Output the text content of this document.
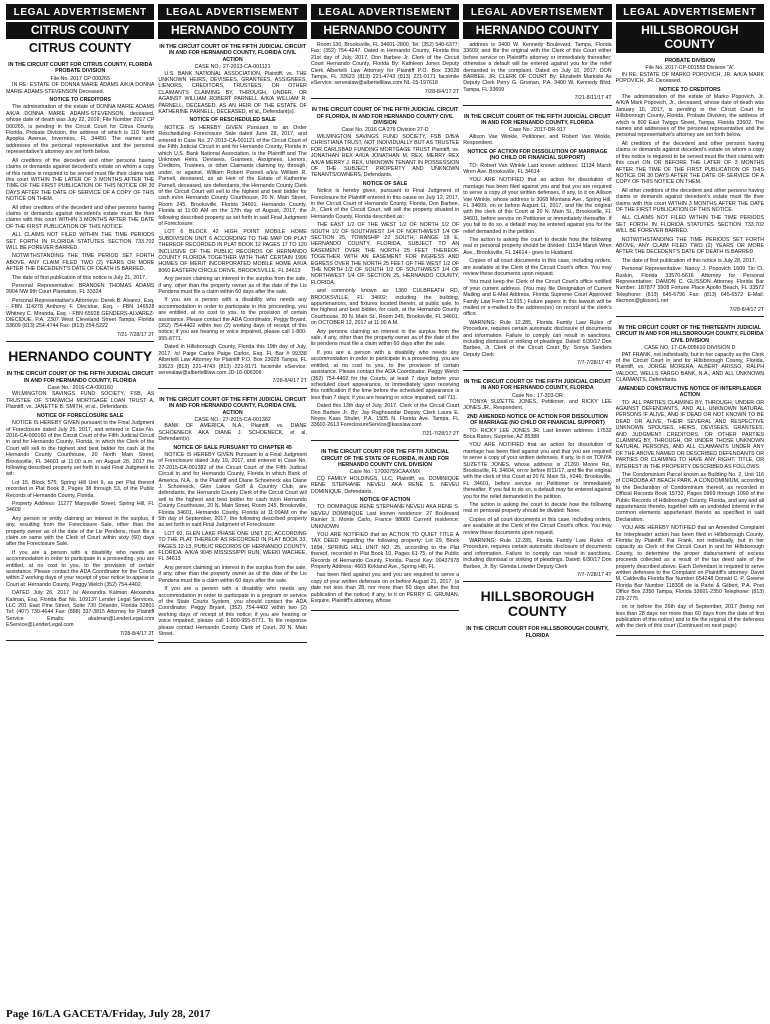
LEGAL ADVERTISEMENT
CITRUS COUNTY
CITRUS COUNTY
IN THE CIRCUIT COURT FOR CITRUS COUNTY, FLORIDA PROBATE DIVISION
File No. 2017 CP 000265

IN RE: ESTATE OF DONNA MARIE ADAMS A/K/A DONNA MARIE ADAMS-STEVENSON Deceased.

NOTICE TO CREDITORS

The administration of the estate of DONNA MARIE ADAMS A/K/A DONNA MARIE ADAMS-STEVENSON, deceased, whose date of death was July 22, 2016; File Number 2017 CP 000265, is pending in the Circuit Court for Citrus County, Florida, Probate Division, the address of which is 110 North Apopka Avenue, Inverness, FL 34450. The names and addresses of the personal representative and the personal representative's attorney are set forth below.

All creditors of the decedent and other persons having claims or demands against decedent's estate on whom a copy of this notice is required to be served must file their claims with this court WITHIN THE LATER OF 3 MONTHS AFTER THE TIME OF THE FIRST PUBLICATION OF THIS NOTICE OR 30 DAYS AFTER THE DATE OF SERVICE OF A COPY OF THIS NOTICE ON THEM.

All other creditors of the decedent and other persons having claims or demands against decedent's estate must file their claims with this court WITHIN 3 MONTHS AFTER THE DATE OF THE FIRST PUBLICATION OF THIS NOTICE.

ALL CLAIMS NOT FILED WITHIN THE TIME PERIODS SET FORTH IN FLORIDA STATUTES SECTION 733.702 WILL BE FOREVER BARRED.

NOTWITHSTANDING THE TIME PERIOD SET FORTH ABOVE, ANY CLAIM FILED TWO (2) YEARS OR MORE AFTER THE DECEDENT'S DATE OF DEATH IS BARRED.

The date of first publication of this notice is July 21, 2017.

Personal Representative: BRANDEN THOMAS ADAMS 9904 NW 9th Court Plantation, FL 33324

Personal Representative's Attorneys: Derek B. Alvarez, Esq. - FBN 114278 Anthony F. Diecidue, Esq. - FBN 146528 Whitney C. Miranda, Esq. - FBN 65928 GENDERS-ALVAREZ-DIECIDUE, P.A. 2307 West Cleveland Street Tampa, Florida 33609 (813) 254-4744 Fax: (813) 254-5222

7/21-7/28/17 2T
HERNANDO COUNTY
IN THE CIRCUIT COURT OF THE FIFTH JUDICIAL CIRCUIT IN AND FOR HERNANDO COUNTY, FLORIDA
Case No.: 2016-CA-000160

WILMINGTON SAVINGS FUND SOCIETY, FSB, AS TRUSTEE OF STANWICH MORTGAGE LOAN TRUST A, Plaintiff, vs. JANETTE B. SMITH, et al., Defendants.

NOTICE OF FORECLOSURE SALE

NOTICE IS HEREBY GIVEN pursuant to the Final Judgment of Foreclosure dated July 25, 2017, and entered in Case No. 2016-CA-000160 of the Circuit Court of the Fifth Judicial Circuit in and for Hernando County, Florida, in which the Clerk of the Court will sell to the highest and best bidder for cash at the Hernando County Courthouse, 20 North Main Street, Brooksville, FL 34601 at 11:00 a.m. on August 28, 2017 the following described property set forth in said Final Judgment to wit:

Lot 15, Block 575, Spring Hill Unit 9, as per Plat thereof recorded in Plat Book 8, Pages 38 through 53, of the Public Records of Hernando County, Florida.

Property Address: 11277 Marysville Street, Spring Hill, FL 34609

Any person or entity claiming an interest in the surplus, if any, resulting from the Foreclosure Sale, other than the property owner as of the date of the Lis Pendens, must file a claim on same with the Clerk of Court within sixty (60) days after the Foreclosure Sale.

If you are a person with a disability who needs an accommodation in order to participate in a proceeding, you are entitled, at no cost to you, to the provision of certain assistance. Please contact the ADA Coordinator for the Courts within 2 working days of your receipt of your notice to appear in Court at: Hernando County, Peggy Welch (352) 754-4402.

DATED July 26, 2017 /s/ Alexandra Kalman Alexandra Kalman, Esq. Florida Bar No. 109137 Lender Legal Services, LLC 201 East Pine Street, Suite 730 Orlando, Florida 32801 Tel: (407) 730-4644 Fax: (888) 337-3815 Attorney for Plaintiff Service Emails: akalman@LenderLegal.com EService@LenderLegal.com

7/28-8/4/17 2T
LEGAL ADVERTISEMENT
HERNANDO COUNTY
IN THE CIRCUIT COURT OF THE FIFTH JUDICIAL CIRCUIT IN AND FOR HERNANDO COUNTY, FLORIDA CIVIL ACTION
CASE NO.: 27-2013-CA-001121

U.S. BANK NATIONAL ASSOCIATION, Plaintiff, vs. THE UNKNOWN HEIRS, DEVISEES, GRANTEES, ASSIGNEES, LIENORS, CREDITORS, TRUSTEES, OR OTHER CLAIMANTS CLAIMING BY, THROUGH, UNDER, OR AGAINST WILLIAM ROBERT PARNELL A/K/A WILLIAM R. PARNELL, DECEASED, AS AN HEIR OF THE ESTATE OF KATHERINE PARNELL, DECEASED, et al., Defendant(s).

NOTICE OF RESCHEDULED SALE

NOTICE IS HEREBY GIVEN Pursuant to an Order Rescheduling Foreclosure Sale dated June 28, 2017, and entered in Case No. 27-2013-CA-001121 of the Circuit Court of the Fifth Judicial Circuit in and for Hernando County, Florida in which U.S. Bank National Association, is the Plaintiff and The Unknown Heirs, Devisees, Grantees, Assignees, Lienors, Creditors, Trustees, or other Claimants claiming by, through, under, or against, William Robert Parnell a/k/a William R. Parnell, deceased, as an Heir of the Estate of Katherine Parnell, deceased, are defendants, the Hernando County Clerk of the Circuit Court will sell to the highest and best bidder for cash in/on Hernando County Courthouse, 20 N. Main Street, Room 245, Brooksville, Florida 34601, Hernando County, Florida at 11:00 AM on the 17th day of August, 2017, the following described property as set forth in said Final Judgment of Foreclosure:

LOT 6 BLOCK 42 HIGH POINT MOBILE HOME SUBDIVISION UNIT 6 ACCORDING TO THE MAP OR PLAT THEREOF RECORDED IN PLAT BOOK 12 PAGES 17 TO 120 INCLUSIVE OF THE PUBLIC RECORDS OF HERNANDO COUNTY FLORIDA TOGETHER WITH THAT CERTAIN 1996 HOMES OF MERIT INCORPORATED MOBILE HOME A/K/A 8060 EASTERN CIRCLE DRIVE, BROOKSVILLE, FL 34613

Any person claiming an interest in the surplus from the sale, if any, other than the property owner as of the date of the Lis Pendens must file a claim within 60 days after the sale.

If you are a person with a disability who needs any accommodation in order to participate in this proceeding, you are entitled, at no cost to you, to the provision of certain assistance. Please contact the ADA Coordinator, Peggy Bryant, (352) 754-4402 within two (2) working days of receipt of this notice; if you are hearing or voice impaired, please call 1-800-955-8771.

Dated in Hillsborough County, Florida this 19th day of July, 2017. /s/ Paige Carlos Paige Carlos, Esq. FL Bar # 99338 Albertelli Law Attorney for Plaintiff P.O. Box 23028 Tampa, FL 33623 (813) 221-4743 (813) 221-9171 facsimile eService: servealaw@albertellilaw.com JD-16-006306

7/28-8/4/17 2T
IN THE CIRCUIT COURT OF THE FIFTH JUDICIAL CIRCUIT IN AND FOR HERNANDO COUNTY, FLORIDA CIVIL ACTION
CASE NO.: 27-2015-CA-001382

BANK OF AMERICA, N.A., Plaintiff, vs. DIANE SCHOENECK AKA DIANE J. SCHOENECK, et al, Defendant(s).

NOTICE OF SALE PURSUANT TO CHAPTER 45

NOTICE IS HEREBY GIVEN Pursuant to a Final Judgment of Foreclosure dated July 19, 2017, and entered in Case No. 27-2015-CA-001382 of the Circuit Court of the Fifth Judicial Circuit in and for Hernando County, Florida in which Bank of America, N.A., is the Plaintiff and Diane Schoeneck aka Diane J. Schoeneck, Glen Lakes Golf & Country Club, are defendants, the Hernando County Clerk of the Circuit Court will sell to the highest and best bidder for cash in/on Hernando County Courthouse, 20 N. Main Street, Room 245, Brooksville, Florida 34601, Hernando County, Florida at 11:00AM on the 5th day of September, 2017, the following described property as set forth in said Final Judgment of Foreclosure:

LOT 60, GLEN LAKE PHASE ONE UNIT 2C, ACCORDING TO THE PLAT THEREOF AS RECORDED IN PLAT BOOK 33, PAGES 12-13, PUBLIC RECORDS OF HERNANDO COUNTY, FLORIDA. A/K/A 9045 MISSISSIPPI RUN, WEEKI WACHEE, FL 34613

Any person claiming an interest in the surplus from the sale, if any, other than the property owner as of the date of the Lis Pendens must file a claim within 60 days after the sale.

If you are a person with a disability who needs any accommodation in order to participate in a program or service of the State Courts System, you should contact the ADA Coordinator, Peggy Bryant, (352) 754-4402 within two (2) working days of receipt of this notice; if you are hearing or voice impaired, please call 1-800-955-8771. To file response please contact Hernando County Clerk of Court, 20 N. Main Street.

LEGAL ADVERTISEMENT
HERNANDO COUNTY

Room 130, Brooksville, FL 34601-2800, Tel: (352) 540-6377; Fax: (352) 754-4247. Dated in Hernando County, Florida this 21st day of July, 2017. Don Barbee Jr. Clerk of the Circuit Court Hernando County, Florida By: Kathleen Jones Deputy Clerk Albertelli Law Attorney for Plaintiff P.O. Box 23028 Tampa, FL 33623 (813) 221-4743 (813) 221-9171 facsimile eService: servealaw@albertellilaw.com NL-15-197618

7/28-8/4/17 2T
IN THE CIRCUIT COURT OF THE FIFTH JUDICIAL CIRCUIT OF FLORIDA, IN AND FOR HERNANDO COUNTY CIVIL DIVISION
Case No. 2016 CA 279 Division 27-D

WILMINGTON SAVINGS FUND SOCIETY, FSB D/B/A CHRISTIANA TRUST, NOT INDIVIDUALLY BUT AS TRUSTEE FOR CARLSBAD FUNDING MORTGAGE TRUST Plaintiff, vs. JONATHAN REX A/K/A JONATHAN M. REX, MERRY REX A/K/A MERRY J. REX, UNKNOWN TENANT IN POSSESSION OF THE SUBJECT PROPERTY AND UNKNOWN TENANTS/OWNERS, Defendants.

NOTICE OF SALE

Notice is hereby given, pursuant to Final Judgment of Foreclosure for Plaintiff entered in this cause on July 12, 2017, in the Circuit Court of Hernando County, Florida, Don Barbee, Jr., Clerk of the Circuit Court, will sell the property situated in Hernando County, Florida described as:

THE EAST 1/2 OF THE WEST 1/2 OF NORTH 1/2 OF SOUTH 1/2 OF SOUTHWEST 1/4 OF NORTHWEST 1/4 OF SECTION 25, TOWNSHIP 22 SOUTH, RANGE 18 E, HERNANDO COUNTY, FLORIDA, SUBJECT TO AN EASEMENT OVER THE NORTH 25 FEET THEREOF. TOGETHER WITH AN EASEMENT FOR INGRESS AND EGRESS OVER THE NORTH 25 FEET OF THE WEST 1/2 OF THE NORTH 1/2 OF SOUTH 1/2 OF SOUTHWEST 1/4 OF NORTHWEST 1/4 OF SECTION 25, HERNANDO COUNTY, FLORIDA.

and commonly known as: 1360 CULBREATH RD, BROOKSVILLE, FL 34602; including the building, appurtenances, and fixtures located therein, at public sale, to the highest and best bidder, for cash, at the Hernando County Courthouse, 20 N. Main St., Room 245, Brooksville, FL 34601, on OCTOBER 12, 2017 at 11:00 A.M.

Any persons claiming an interest in the surplus from the sale, if any, other than the property owner as of the date of the lis pendens must file a claim within 60 days after the sale.

If you are a person with a disability who needs any accommodation in order to participate in a proceeding, you are entitled, at no cost to you, to the provision of certain assistance. Please contact the ADA Coordinator, Peggy Welch (352) 754-4402 for the Courts, at least 7 days before your scheduled court appearance, or immediately upon receiving this notification if the time before the scheduled appearance is less than 7 days; if you are hearing or voice impaired, call 711.

Dated this 13th day of July, 2017. Clerk of the Circuit Court Don Barbee Jr. By: Jay Raghnandar Deputy Clerk Laura E. Noyes Kass Shuler, P.A. 1505 N. Florida Ave. Tampa, FL 33602-2613 ForeclosureService@kasslaw.com

7/21-7/28/17 2T
IN THE CIRCUIT COURT FOR THE FIFTH JUDICIAL CIRCUIT OF THE STATE OF FLORIDA, IN AND FOR HERNANDO COUNTY CIVIL DIVISION
Case No.: 17000759CAAXMX

CQ FAMILY HOLDINGS, LLC, Plaintiff, vs. DOMINIQUE RENE STEPHANE NEVEU AKA RENE S. NEVEU DOMINIQUE, Defendants.

NOTICE OF ACTION

TO: DOMINIQUE RENE STEPHANE NEVEU AKA RENE S. NEVEU DOMINIQUE Last known residence: 27 Boulevard Rainier 3, Monte Carlo, France 98000 Current residence: UNKNOWN

YOU ARE NOTIFIED that an ACTION TO QUIET TITLE A TAX DEED regarding the following property: Lot 29, Block 1894, SPRING HILL UNIT NO. 25, according to the Plat thereof, recorded in Plat Book 10, Pages 61-75, of the Public Records of Hernando County, Florida. Parcel Key: 00437978 Property Address: 4603 Kirkland Ave., Spring Hill, FL

has been filed against you and you are required to serve a copy of your written defenses on or before August 21, 2017, (a date not less than 28, nor more than 60 days after the first publication of the notice) if any, to it on PERRY G. GRUMAN, Esquire, Plaintiff's attorney, whose

LEGAL ADVERTISEMENT
HERNANDO COUNTY

address is 3400 W. Kennedy Boulevard, Tampa, Florida 33609; and file the original with the Clerk of this Court either before service on Plaintiff's attorney or immediately thereafter; otherwise a default will be entered against you for the relief demanded in the complaint. Dated on July 10, 2017. DON BARBEE, JR. CLERK OF COURT By: Elizabeth Markidis As Deputy Clerk Perry G. Gruman, P.A. 3400 W. Kennedy Blvd. Tampa, FL 33609

7/21-8/11/17 4T
IN THE CIRCUIT COURT OF THE FIFTH JUDICIAL CIRCUIT IN AND FOR HERNANDO COUNTY, FLORIDA
Case No.: 2017-DR-917

Allison Vae Winkle, Petitioner, and Robert Van Winkle, Respondent.

NOTICE OF ACTION FOR DISSOLUTION OF MARRIAGE (NO CHILD OR FINANCIAL SUPPORT)

TO: Robert Van Winkle Last known address: 11134 Marsh Wren Ave. Brooksville, FL 34614

YOU ARE NOTIFIED that an action for dissolution of marriage has been filed against you and that you are required to serve a copy of your written defenses, if any, to it on Allison Vae Winkle, whose address is 3068 Montana Ave., Spring Hill, FL 34609, on or before August 11, 2017, and file the original with the clerk of this Court at 20 N. Main St., Brooksville, FL 34601, before service on Petitioner or immediately thereafter. If you fail to do so, a default may be entered against you for the relief demanded in the petition.

The action is asking the court to decide how the following real or personal property should be divided: 11134 Marsh Wren Ave., Brooksville, FL 34614 - goes to Husband.

Copies of all court documents in this case, including orders, are available at the Clerk of the Circuit Court's office. You may review these documents upon request.

You must keep the Clerk of the Circuit Court's office notified of your current address. (You may file Designation of Current Mailing and E-Mail Address, Florida Supreme Court Approved Family Law Form 12.915.) Future papers in this lawsuit will be mailed or e-mailed to the address(es) on record at the clerk's office.

WARNING: Rule 12.285, Florida Family Law Rules of Procedure, requires certain automatic disclosure of documents and information. Failure to comply can result in sanctions, including dismissal or striking of pleadings. Dated: 6/30/17 Don Barbee, Jr. Clerk of the Circuit Court By: Sonya Sanders Deputy Clerk

7/7-7/28/17 4T
IN THE CIRCUIT COURT OF THE FIFTH JUDICIAL CIRCUIT IN AND FOR HERNANDO COUNTY, FLORIDA
Case No.: 17-303-DR

TONYA SUZETTE JONES, Petitioner, and RICKY LEE JONES JR., Respondent.

2ND AMENDED NOTICE OF ACTION FOR DISSOLUTION OF MARRIAGE (NO CHILD OR FINANCIAL SUPPORT)

TO: RICKY LEE JONES JR. Last known address: 17532 Boca Raton, Surprise, AZ 85388

YOU ARE NOTIFIED that an action for dissolution of marriage has been filed against you and that you are required to serve a copy of your written defenses, if any, to it on TONYA SUZETTE JONES, whose address is 21260 Moore Rd., Brooksville, FL 34604, on or before 8/11/17, and file the original with the clerk of this Court at 20 N. Main St., #246, Brooksville, FL 34601, before service on Petitioner or immediately thereafter. If you fail to do so, a default may be entered against you for the relief demanded in the petition.

The action is asking the court to decide how the following real or personal property should be divided: None.

Copies of all court documents in this case, including orders, are available at the Clerk of the Circuit Court's office. You may review these documents upon request.

WARNING: Rule 12.285, Florida Family Law Rules of Procedure, requires certain automatic disclosure of documents and information. Failure to comply can result in sanctions, including dismissal or striking of pleadings. Dated: 6/30/17 Don Barbee, Jr. By: Glenda Lowder Deputy Clerk

7/7-7/28/17 4T
HILLSBOROUGH COUNTY
IN THE CIRCUIT COURT FOR HILLSBOROUGH COUNTY, FLORIDA
LEGAL ADVERTISEMENT
HILLSBOROUGH COUNTY
PROBATE DIVISION
File No. 2017-CP-001559 Division "A"

IN RE: ESTATE OF MARKO POPOVICH, JR. A/K/A MARK POPOVICH, JR. Deceased.

NOTICE TO CREDITORS

The administration of the estate of Marko Popovich, Jr. A/K/A Mark Popovich, Jr., deceased, whose date of death was January 16, 2017, is pending in the Circuit Court for Hillsborough County, Florida, Probate Division, the address of which is 800 East Twiggs Street, Tampa, Florida 33602. The names and addresses of the personal representative and the personal representative's attorney are set forth below.

All creditors of the decedent and other persons having claims or demands against decedent's estate on whom a copy of this notice is required to be served must file their claims with this court ON OR BEFORE THE LATER OF 3 MONTHS AFTER THE TIME OF THE FIRST PUBLICATION OF THIS NOTICE OR 30 DAYS AFTER THE DATE OF SERVICE OF A COPY OF THIS NOTICE ON THEM.

All other creditors of the decedent and other persons having claims or demands against decedent's estate must file their claims with this court WITHIN 3 MONTHS AFTER THE DATE OF THE FIRST PUBLICATION OF THIS NOTICE.

ALL CLAIMS NOT FILED WITHIN THE TIME PERIODS SET FORTH IN FLORIDA STATUTES SECTION 733.702 WILL BE FOREVER BARRED.

NOTWITHSTANDING THE TIME PERIODS SET FORTH ABOVE, ANY CLAIM FILED TWO (2) YEARS OR MORE AFTER THE DECEDENT'S DATE OF DEATH IS BARRED.

The date of first publication of this notice is July 28, 2017.

Personal Representative: Nancy J. Popovich 1609 Tin Ct. Ruskin, Florida 33570-5616 Attorney for Personal Representative: DAMON C. GLISSON Attorney Florida Bar Number: 187877 5908 Fortune Place Apollo Beach, FL 33572 Telephone: (813) 645-6796 Fax: (813) 645-6572 E-Mail: dacmon@glisson1.net

7/28-8/4/17 2T
IN THE CIRCUIT COURT OF THE THIRTEENTH JUDICIAL CIRCUIT IN AND FOR HILLSBOROUGH COUNTY, FLORIDA CIVIL DIVISION
CASE NO. 17-CA-005610 DIVISION D

PAT FRANK, not individually, but in her capacity as the Clerk of the Circuit Court in and for Hillsborough County, Florida, Plaintiff, vs. JORGE MORERA, ALBERT ARISSO, RALPH VALDOC, WELLS FARGO BANK, N.A., AND ALL UNKNOWN CLAIMANTS, Defendants.

AMENDED CONSTRUCTIVE NOTICE OF INTERPLEADER ACTION

TO: ALL PARTIES CLAIMING BY, THROUGH, UNDER OR AGAINST DEFENDANTS, AND ALL UNKNOWN NATURAL PERSONS IF ALIVE, AND IF DEAD OR NOT KNOWN TO BE DEAD OR ALIVE, THEIR SEVERAL AND RESPECTIVE UNKNOWN SPOUSES, HEIRS, DEVISEES, GRANTEES, AND JUDGMENT CREDITORS, OR OTHER PARTIES CLAIMING BY, THROUGH, OR UNDER THOSE UNKNOWN NATURAL PERSONS, AND ALL CLAIMANTS UNDER ANY OF THE ABOVE NAMED OR DESCRIBED DEFENDANTS OR PARTIES OR CLAIMING TO HAVE ANY RIGHT, TITLE, OR INTEREST IN THE PROPERTY DESCRIBED AS FOLLOWS:

The Condominium Parcel known as Building No. 2, Unit 116 of CORDOBA AT BEACH PARK, A CONDOMINIUM, according to the Declaration of Condominium thereof, as recorded in Official Records Book 15732, Pages 0969 through 1099 of the Public Records of Hillsborough County, Florida, and any and all appurtenants thereto, together with an undivided interest in the common elements appurtenant thereto as specified in said Declaration.

YOU ARE HEREBY NOTIFIED that an Amended Complaint for Interpleader action has been filed in Hillsborough County, Florida by Plaintiff, Pat Frank, not individually, but in her capacity as Clerk of the Circuit Court in and for Hillsborough County, to determine the proper disbursement of excess proceeds collected as a result of the tax deed sale of the property described above. Each Defendant is required to serve written defenses to the Complaint on Plaintiff's attorney: David M. Caldevilla Florida Bar Number 654248 Donald C. P. Greene Florida Bar Number 118308 de la Parte & Gilbert, P.A. Post Office Box 2350 Tampa, Florida 33601-2350 Telephone: (813) 229-2775

on or before the 26th day of September, 2017 (being not less than 28 days nor more than 60 days from the date of first publication of this notice) and to file the original of the defenses with the clerk of this court (Continued on next page)

Page 16/LA GACETA/Friday, July 28, 2017
